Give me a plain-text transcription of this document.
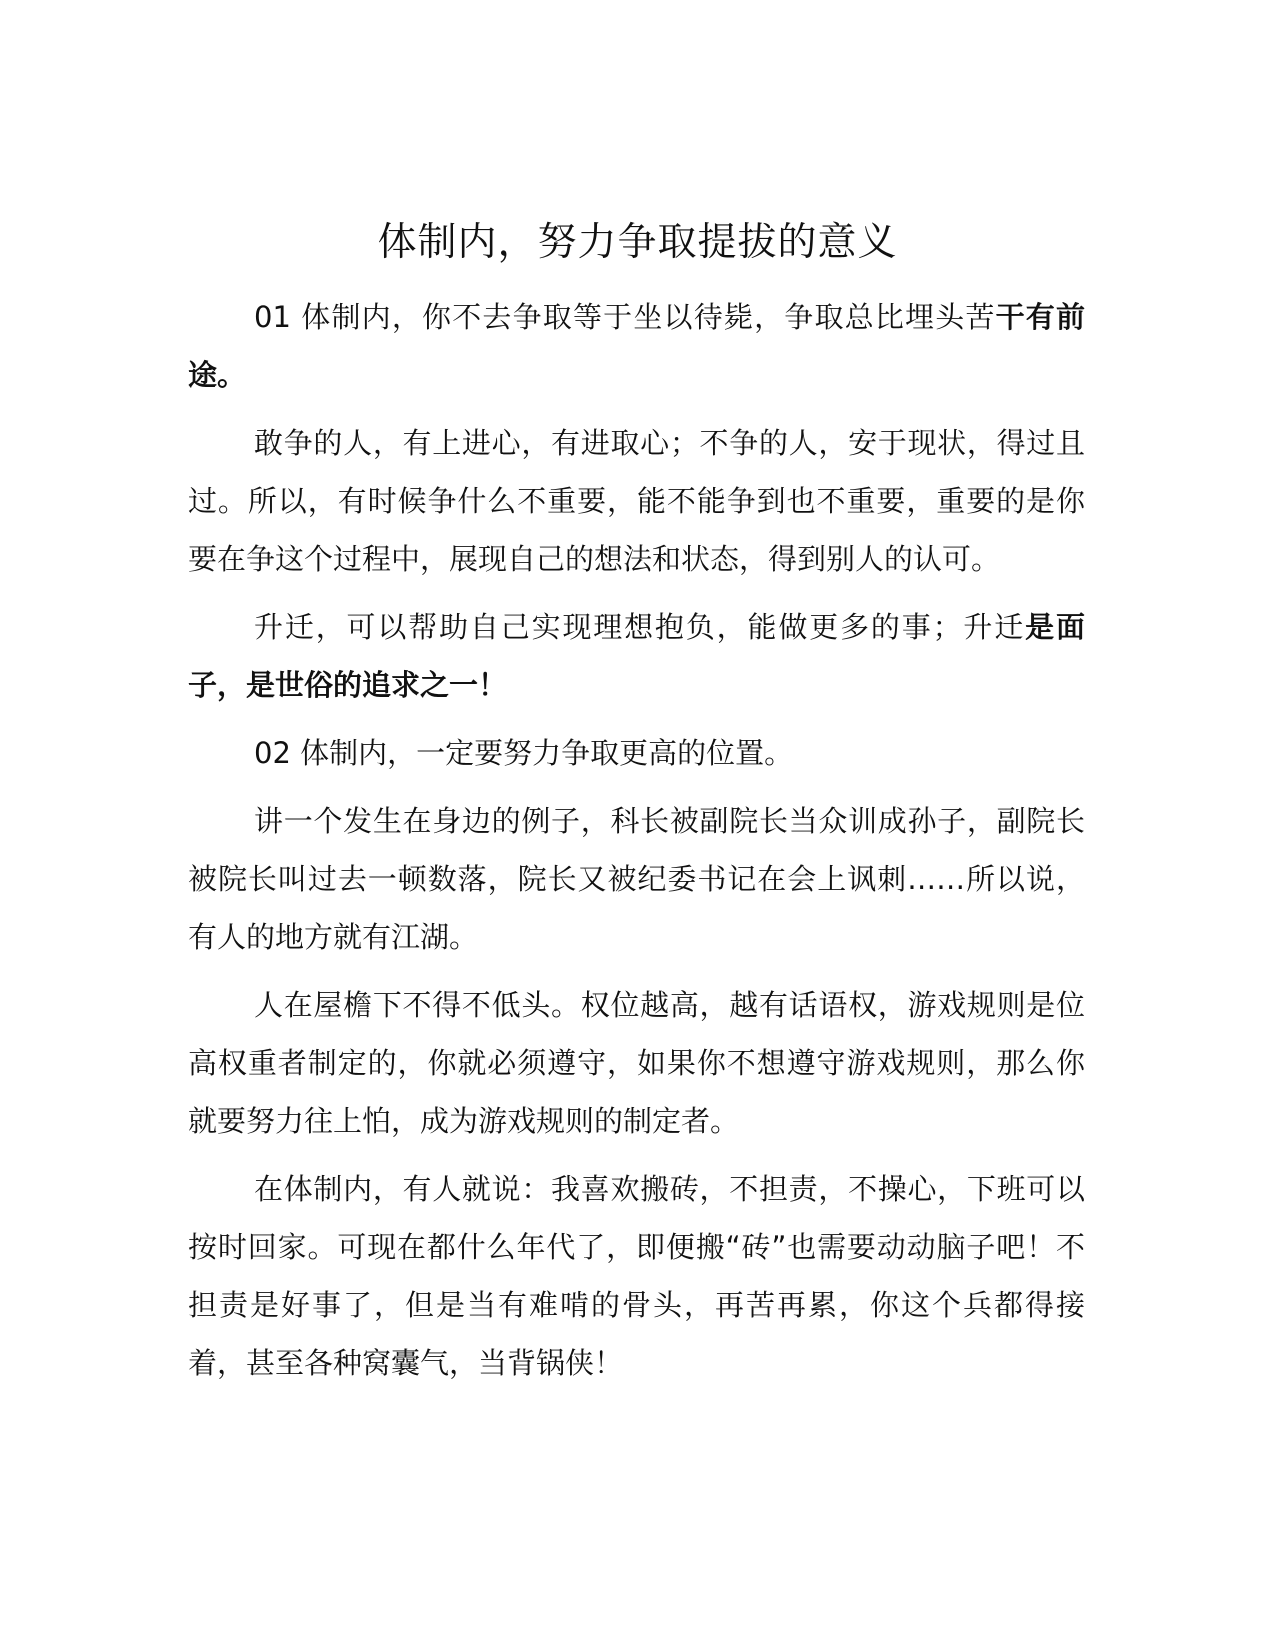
体制内，努力争取提拔的意义

01 体制内，你不去争取等于坐以待毙，争取总比埋头苦干有前途。

敢争的人，有上进心，有进取心；不争的人，安于现状，得过且过。所以，有时候争什么不重要，能不能争到也不重要，重要的是你要在争这个过程中，展现自己的想法和状态，得到别人的认可。

升迁，可以帮助自己实现理想抱负，能做更多的事；升迁是面子，是世俗的追求之一！

02 体制内，一定要努力争取更高的位置。

讲一个发生在身边的例子，科长被副院长当众训成孙子，副院长被院长叫过去一顿数落，院长又被纪委书记在会上讽刺……所以说，有人的地方就有江湖。

人在屋檐下不得不低头。权位越高，越有话语权，游戏规则是位高权重者制定的，你就必须遵守，如果你不想遵守游戏规则，那么你就要努力往上怕，成为游戏规则的制定者。

在体制内，有人就说：我喜欢搬砖，不担责，不操心，下班可以按时回家。可现在都什么年代了，即便搬“砖”也需要动动脑子吧！不担责是好事了，但是当有难啃的骨头，再苦再累，你这个兵都得接着，甚至各种窝囊气，当背锅侠！
